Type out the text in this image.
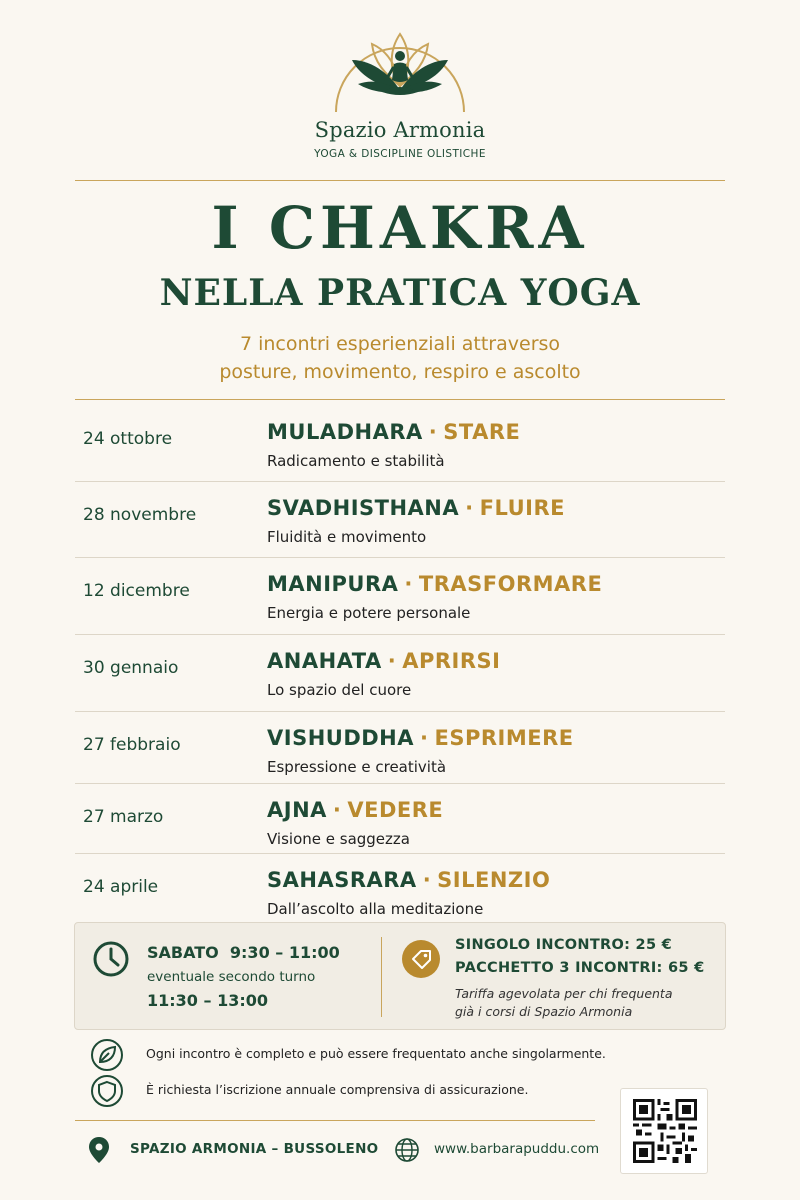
Spazio Armonia
YOGA & DISCIPLINE OLISTICHE
I CHAKRA
NELLA PRATICA YOGA
7 incontri esperienziali attraverso
posture, movimento, respiro e ascolto
24 ottobre	MULADHARA · STARE
Radicamento e stabilità
28 novembre	SVADHISTHANA · FLUIRE
Fluidità e movimento
12 dicembre	MANIPURA · TRASFORMARE
Energia e potere personale
30 gennaio	ANAHATA · APRIRSI
Lo spazio del cuore
27 febbraio	VISHUDDHA · ESPRIMERE
Espressione e creatività
27 marzo	AJNA · VEDERE
Visione e saggezza
24 aprile	SAHASRARA · SILENZIO
Dall’ascolto alla meditazione
SABATO  9:30 – 11:00
eventuale secondo turno
11:30 – 13:00
SINGOLO INCONTRO: 25 €
PACCHETTO 3 INCONTRI: 65 €
Tariffa agevolata per chi frequenta
già i corsi di Spazio Armonia
Ogni incontro è completo e può essere frequentato anche singolarmente.
È richiesta l’iscrizione annuale comprensiva di assicurazione.
SPAZIO ARMONIA – BUSSOLENO	www.barbarapuddu.com
